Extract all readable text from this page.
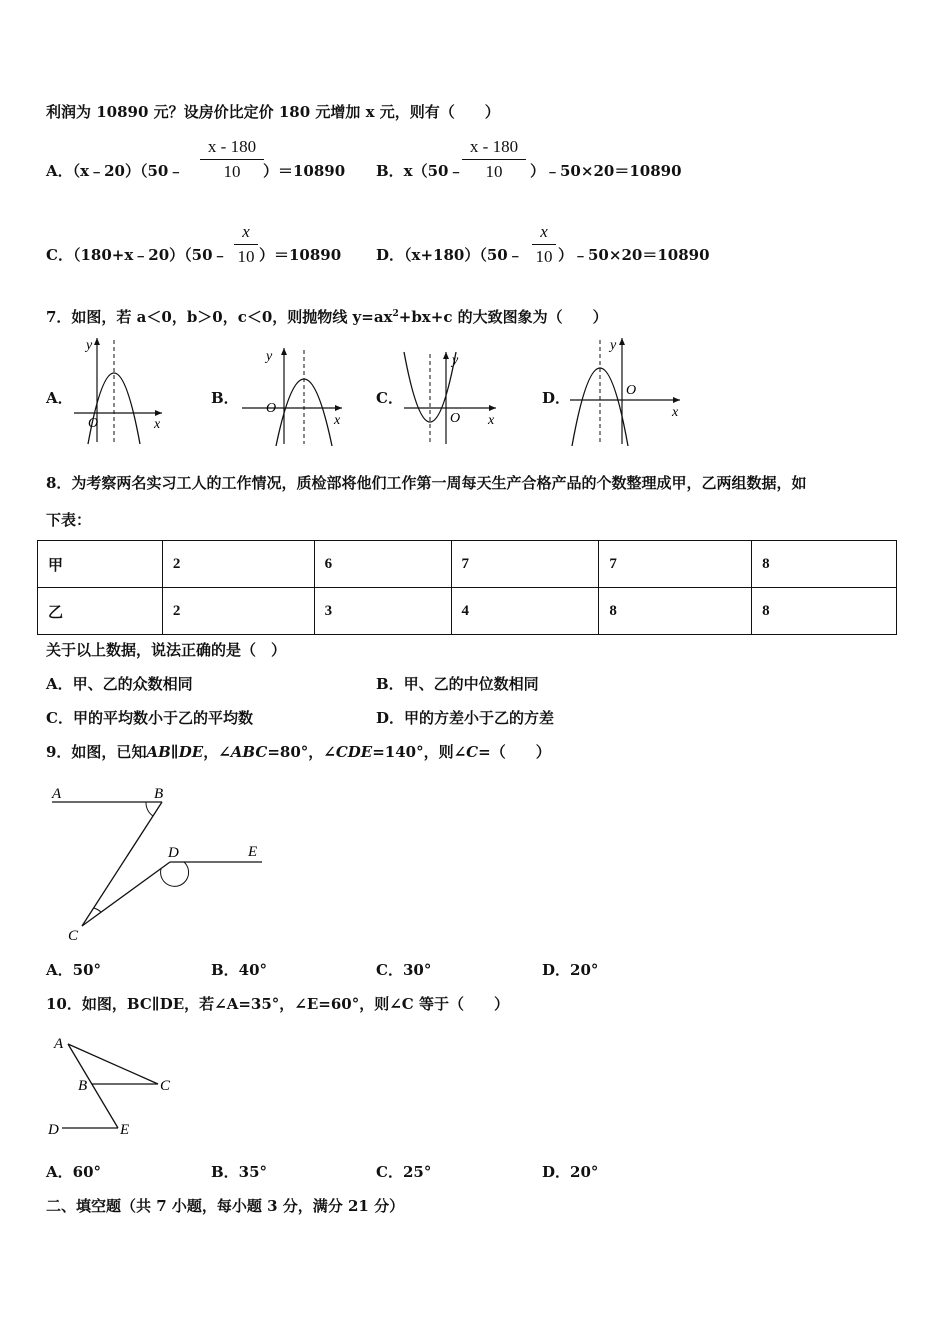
利润为 10890 元？设房价比定价 180 元增加 x 元，则有（　　）
A．（x﹣20）（50﹣
x - 180
10	）＝10890 B．x（50﹣
x - 180
10	）﹣50×20＝10890
C．（180+x﹣20）（50﹣
x
10 ）＝10890 D．（x+180）（50﹣
x
10 ）﹣50×20＝10890
7．如图，若 a＜0，b＞0，c＜0，则抛物线 $y=ax^2+bx+c$ 的大致图象为（　　）
A．
y
x
O
B．
y
x
O
C．
y
x
O
D．
y
x
O
8．为考察两名实习工人的工作情况，质检部将他们工作第一周每天生产合格产品的个数整理成甲，乙两组数据，如
下表：
甲	2	6	7	7	8
乙	2	3	4	8	8
关于以上数据，说法正确的是（　）
A．甲、乙的众数相同	B．甲、乙的中位数相同
C．甲的平均数小于乙的平均数	D．甲的方差小于乙的方差
9．如图，已知AB∥DE，∠ABC=80°，∠CDE=140°，则∠C=（　　）
A	B
D	E
C
A．50°	B．40°	C．30°	D．20°
10．如图，BC∥DE，若∠A=35°，∠E=60°，则∠C 等于（　　）
A
B	C
D	E
A．60°	B．35°	C．25°	D．20°
二、填空题（共 7 小题，每小题 3 分，满分 21 分）
